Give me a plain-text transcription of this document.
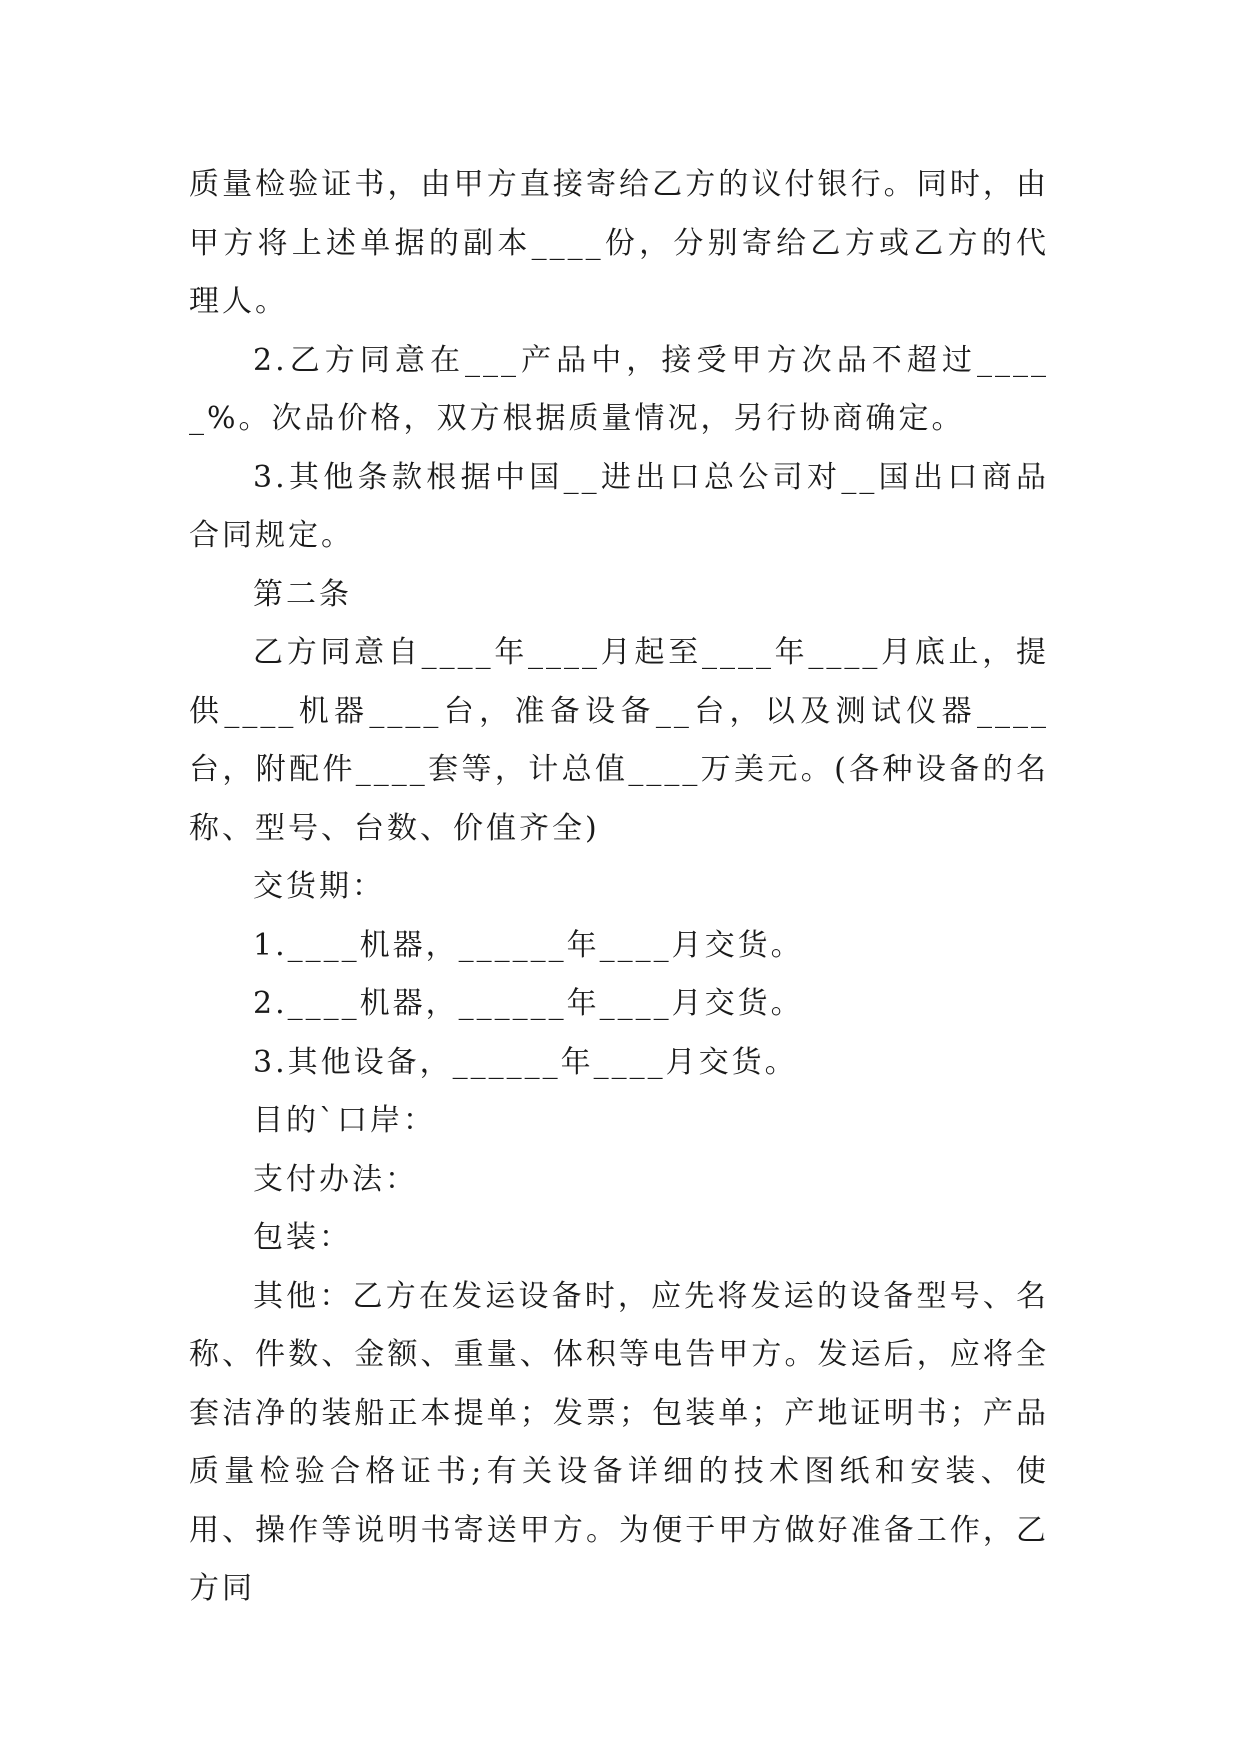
质量检验证书，由甲方直接寄给乙方的议付银行。同时，由甲方将上述单据的副本____份，分别寄给乙方或乙方的代理人。

2.乙方同意在___产品中，接受甲方次品不超过_____%。次品价格，双方根据质量情况，另行协商确定。

3.其他条款根据中国__进出口总公司对__国出口商品合同规定。

第二条

乙方同意自____年____月起至____年____月底止，提供____机器____台，准备设备__台，以及测试仪器____台，附配件____套等，计总值____万美元。(各种设备的名称、型号、台数、价值齐全)

交货期：

1.____机器，______年____月交货。

2.____机器，______年____月交货。

3.其他设备，______年____月交货。

目的`口岸：

支付办法：

包装：

其他：乙方在发运设备时，应先将发运的设备型号、名称、件数、金额、重量、体积等电告甲方。发运后，应将全套洁净的装船正本提单；发票；包装单；产地证明书；产品质量检验合格证书;有关设备详细的技术图纸和安装、使用、操作等说明书寄送甲方。为便于甲方做好准备工作，乙方同
